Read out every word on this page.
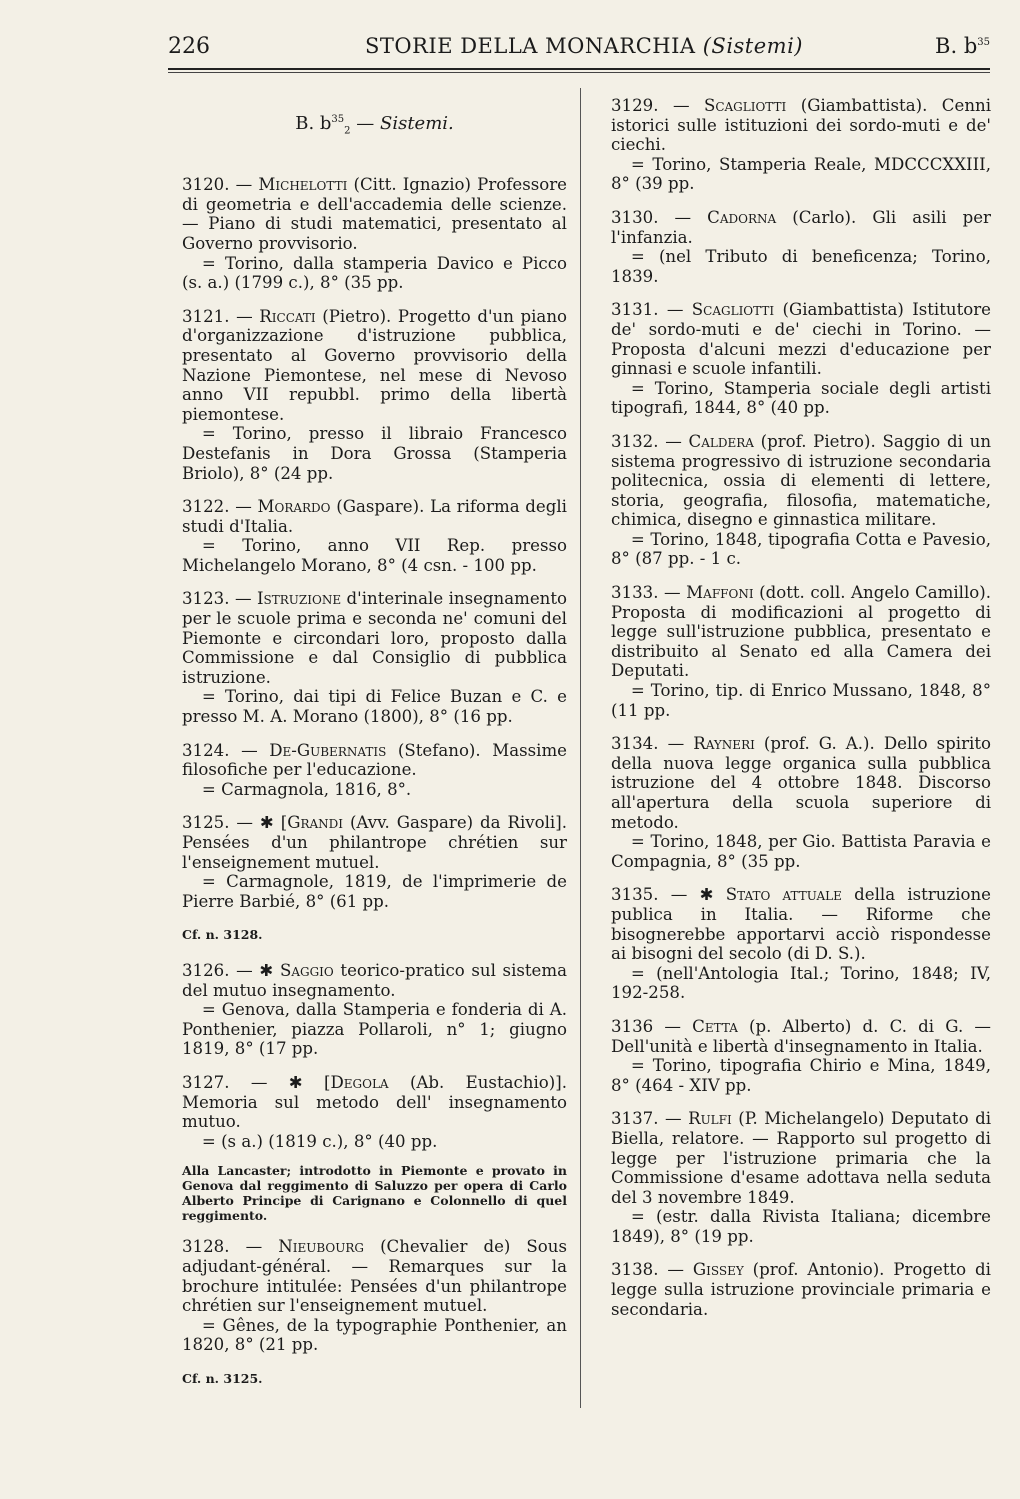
226	STORIE DELLA MONARCHIA (Sistemi)	B. $b^{35}$
B. $b^{35}_2$ — Sistemi.

3120. — Michelotti (Citt. Ignazio) Professore di geometria e dell'accademia delle scienze. — Piano di studi matematici, presentato al Governo provvisorio.

= Torino, dalla stamperia Davico e Picco (s. a.) (1799 c.), 8° (35 pp.

3121. — Riccati (Pietro). Progetto d'un piano d'organizzazione d'istruzione pubblica, presentato al Governo provvisorio della Nazione Piemontese, nel mese di Nevoso anno VII repubbl. primo della libertà piemontese.

= Torino, presso il libraio Francesco Destefanis in Dora Grossa (Stamperia Briolo), 8° (24 pp.

3122. — Morardo (Gaspare). La riforma degli studi d'Italia.

= Torino, anno VII Rep. presso Michelangelo Morano, 8° (4 csn. - 100 pp.

3123. — Istruzione d'interinale insegnamento per le scuole prima e seconda ne' comuni del Piemonte e circondari loro, proposto dalla Commissione e dal Consiglio di pubblica istruzione.

= Torino, dai tipi di Felice Buzan e C. e presso M. A. Morano (1800), 8° (16 pp.

3124. — De-Gubernatis (Stefano). Massime filosofiche per l'educazione.

= Carmagnola, 1816, 8°.

3125. — ✱ [Grandi (Avv. Gaspare) da Rivoli]. Pensées d'un philantrope chrétien sur l'enseignement mutuel.

= Carmagnole, 1819, de l'imprimerie de Pierre Barbié, 8° (61 pp.

Cf. n. 3128.

3126. — ✱ Saggio teorico-pratico sul sistema del mutuo insegnamento.

= Genova, dalla Stamperia e fonderia di A. Ponthenier, piazza Pollaroli, n° 1; giugno 1819, 8° (17 pp.

3127. — ✱ [Degola (Ab. Eustachio)]. Memoria sul metodo dell' insegnamento mutuo.

= (s a.) (1819 c.), 8° (40 pp.

Alla Lancaster; introdotto in Piemonte e provato in Genova dal reggimento di Saluzzo per opera di Carlo Alberto Principe di Carignano e Colonnello di quel reggimento.

3128. — Nieubourg (Chevalier de) Sous adjudant-général. — Remarques sur la brochure intitulée: Pensées d'un philantrope chrétien sur l'enseignement mutuel.

= Gênes, de la typographie Ponthenier, an 1820, 8° (21 pp.

Cf. n. 3125.

3129. — Scagliotti (Giambattista). Cenni istorici sulle istituzioni dei sordo-muti e de' ciechi.

= Torino, Stamperia Reale, MDCCCXXIII, 8° (39 pp.

3130. — Cadorna (Carlo). Gli asili per l'infanzia.

= (nel Tributo di beneficenza; Torino, 1839.

3131. — Scagliotti (Giambattista) Istitutore de' sordo-muti e de' ciechi in Torino. — Proposta d'alcuni mezzi d'educazione per ginnasi e scuole infantili.

= Torino, Stamperia sociale degli artisti tipografi, 1844, 8° (40 pp.

3132. — Caldera (prof. Pietro). Saggio di un sistema progressivo di istruzione secondaria politecnica, ossia di elementi di lettere, storia, geografia, filosofia, matematiche, chimica, disegno e ginnastica militare.

= Torino, 1848, tipografia Cotta e Pavesio, 8° (87 pp. - 1 c.

3133. — Maffoni (dott. coll. Angelo Camillo). Proposta di modificazioni al progetto di legge sull'istruzione pubblica, presentato e distribuito al Senato ed alla Camera dei Deputati.

= Torino, tip. di Enrico Mussano, 1848, 8° (11 pp.

3134. — Rayneri (prof. G. A.). Dello spirito della nuova legge organica sulla pubblica istruzione del 4 ottobre 1848. Discorso all'apertura della scuola superiore di metodo.

= Torino, 1848, per Gio. Battista Paravia e Compagnia, 8° (35 pp.

3135. — ✱ Stato attuale della istruzione publica in Italia. — Riforme che bisognerebbe apportarvi acciò rispondesse ai bisogni del secolo (di D. S.).

= (nell'Antologia Ital.; Torino, 1848; IV, 192-258.

3136 — Cetta (p. Alberto) d. C. di G. — Dell'unità e libertà d'insegnamento in Italia.

= Torino, tipografia Chirio e Mina, 1849, 8° (464 - XIV pp.

3137. — Rulfi (P. Michelangelo) Deputato di Biella, relatore. — Rapporto sul progetto di legge per l'istruzione primaria che la Commissione d'esame adottava nella seduta del 3 novembre 1849.

= (estr. dalla Rivista Italiana; dicembre 1849), 8° (19 pp.

3138. — Gissey (prof. Antonio). Progetto di legge sulla istruzione provinciale primaria e secondaria.
